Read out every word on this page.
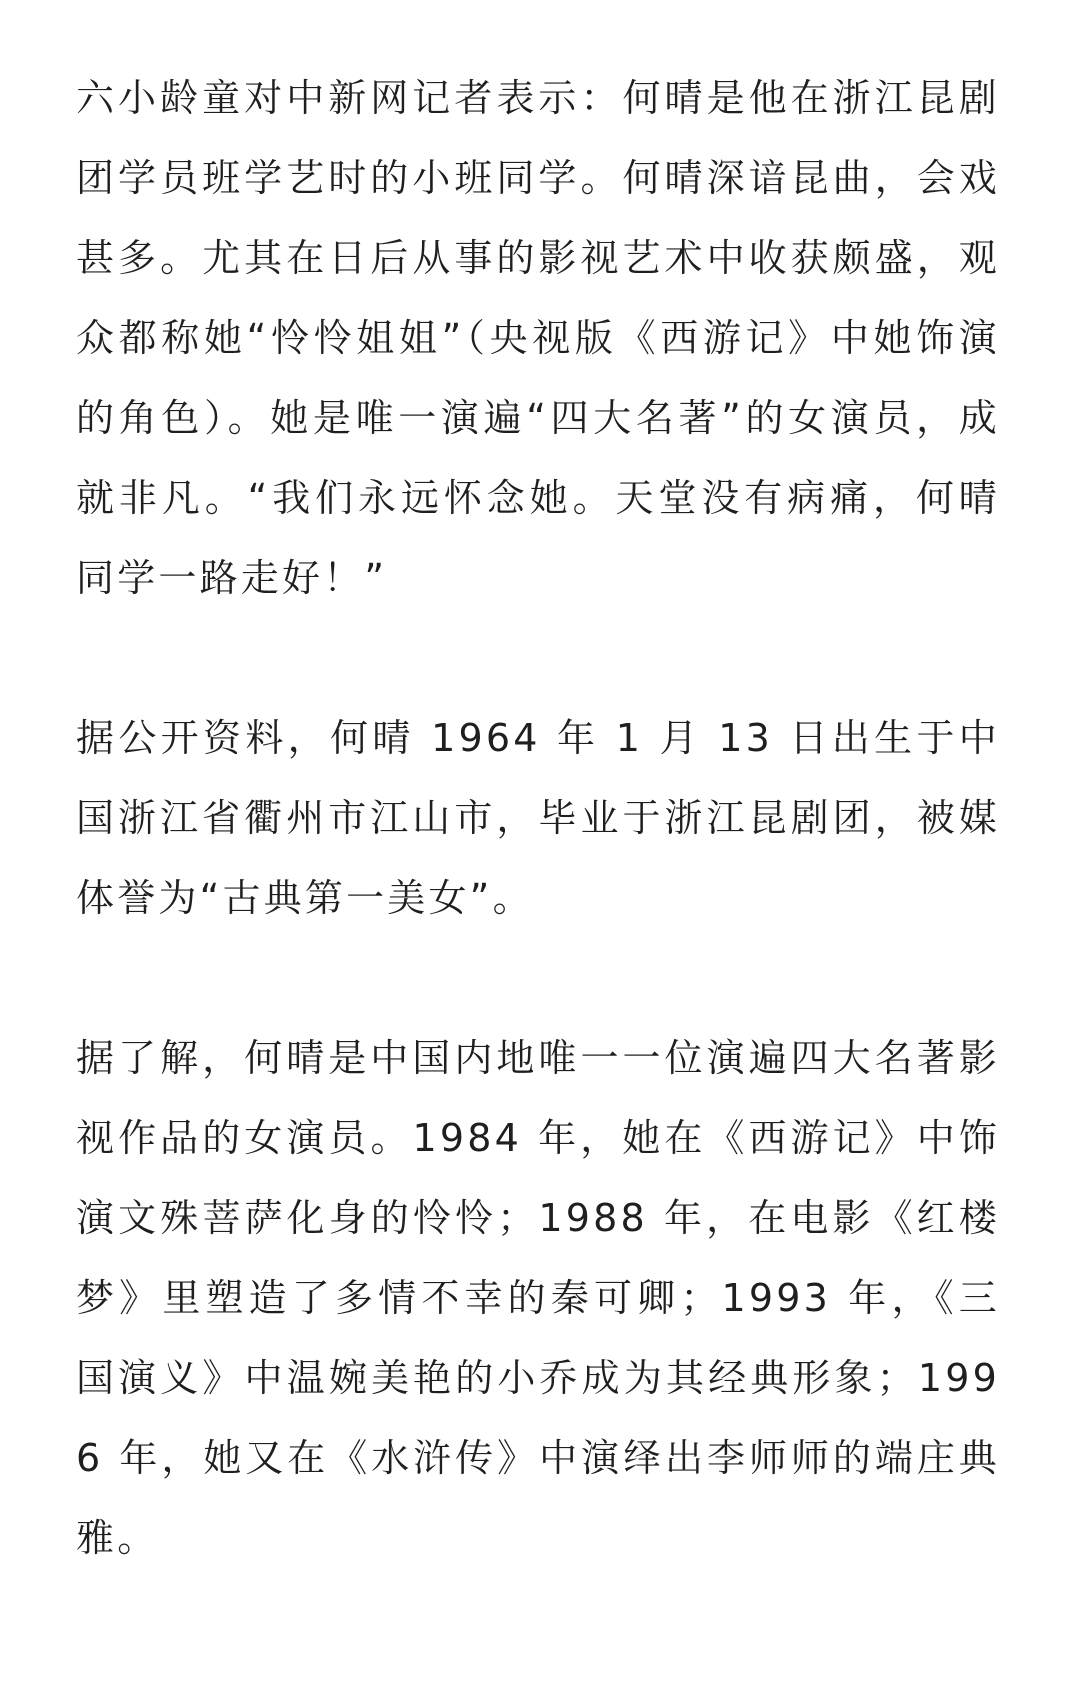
六小龄童对中新网记者表示：何晴是他在浙江昆剧团学员班学艺时的小班同学。何晴深谙昆曲，会戏甚多。尤其在日后从事的影视艺术中收获颇盛，观众都称她“怜怜姐姐”（央视版《西游记》中她饰演的角色）。她是唯一演遍“四大名著”的女演员，成就非凡。“我们永远怀念她。天堂没有病痛，何晴同学一路走好！”

据公开资料，何晴 1964 年 1 月 13 日出生于中国浙江省衢州市江山市，毕业于浙江昆剧团，被媒体誉为“古典第一美女”。

据了解，何晴是中国内地唯一一位演遍四大名著影视作品的女演员。1984 年，她在《西游记》中饰演文殊菩萨化身的怜怜；1988 年，在电影《红楼梦》里塑造了多情不幸的秦可卿；1993 年，《三国演义》中温婉美艳的小乔成为其经典形象；1996 年，她又在《水浒传》中演绎出李师师的端庄典雅。
